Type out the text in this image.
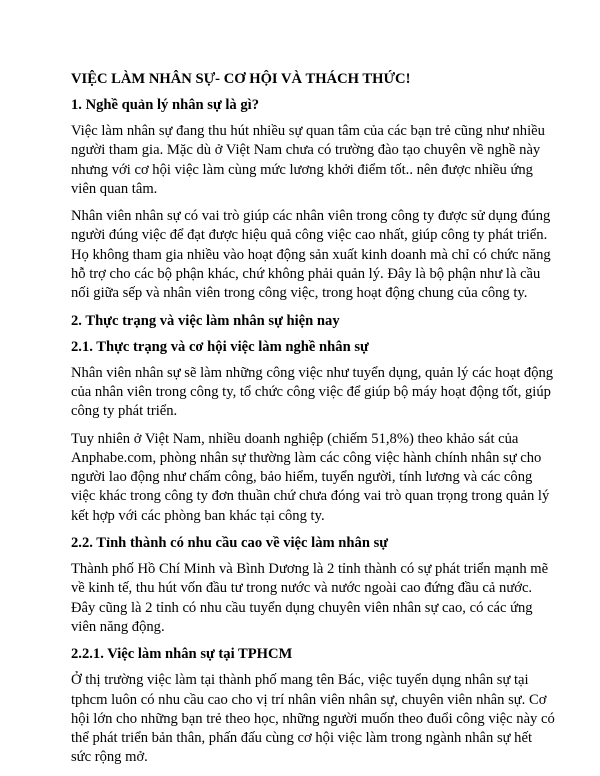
VIỆC LÀM NHÂN SỰ- CƠ HỘI VÀ THÁCH THỨC!
1. Nghề quản lý nhân sự là gì?
Việc làm nhân sự đang thu hút nhiều sự quan tâm của các bạn trẻ cũng như nhiều
người tham gia. Mặc dù ở Việt Nam chưa có trường đào tạo chuyên về nghề này
nhưng với cơ hội việc làm cùng mức lương khởi điểm tốt.. nên được nhiều ứng
viên quan tâm.
Nhân viên nhân sự có vai trò giúp các nhân viên trong công ty được sử dụng đúng
người đúng việc để đạt được hiệu quả công việc cao nhất, giúp công ty phát triển.
Họ không tham gia nhiều vào hoạt động sản xuất kinh doanh mà chỉ có chức năng
hỗ trợ cho các bộ phận khác, chứ không phải quản lý. Đây là bộ phận như là cầu
nối giữa sếp và nhân viên trong công việc, trong hoạt động chung của công ty.
2. Thực trạng và việc làm nhân sự hiện nay
2.1. Thực trạng và cơ hội việc làm nghề nhân sự
Nhân viên nhân sự sẽ làm những công việc như tuyển dụng, quản lý các hoạt động
của nhân viên trong công ty, tổ chức công việc để giúp bộ máy hoạt động tốt, giúp
công ty phát triển.
Tuy nhiên ở Việt Nam, nhiều doanh nghiệp (chiếm 51,8%) theo khảo sát của
Anphabe.com, phòng nhân sự thường làm các công việc hành chính nhân sự cho
người lao động như chấm công, bảo hiểm, tuyển người, tính lương và các công
việc khác trong công ty đơn thuần chứ chưa đóng vai trò quan trọng trong quản lý
kết hợp với các phòng ban khác tại công ty.
2.2. Tỉnh thành có nhu cầu cao về việc làm nhân sự
Thành phố Hồ Chí Minh và Bình Dương là 2 tỉnh thành có sự phát triển mạnh mẽ
về kinh tế, thu hút vốn đầu tư trong nước và nước ngoài cao đứng đầu cả nước.
Đây cũng là 2 tỉnh có nhu cầu tuyển dụng chuyên viên nhân sự cao, có các ứng
viên năng động.
2.2.1. Việc làm nhân sự tại TPHCM
Ở thị trường việc làm tại thành phố mang tên Bác, việc tuyển dụng nhân sự tại
tphcm luôn có nhu cầu cao cho vị trí nhân viên nhân sự, chuyên viên nhân sự. Cơ
hội lớn cho những bạn trẻ theo học, những người muốn theo đuổi công việc này có
thể phát triển bản thân, phấn đấu cùng cơ hội việc làm trong ngành nhân sự hết
sức rộng mở.
